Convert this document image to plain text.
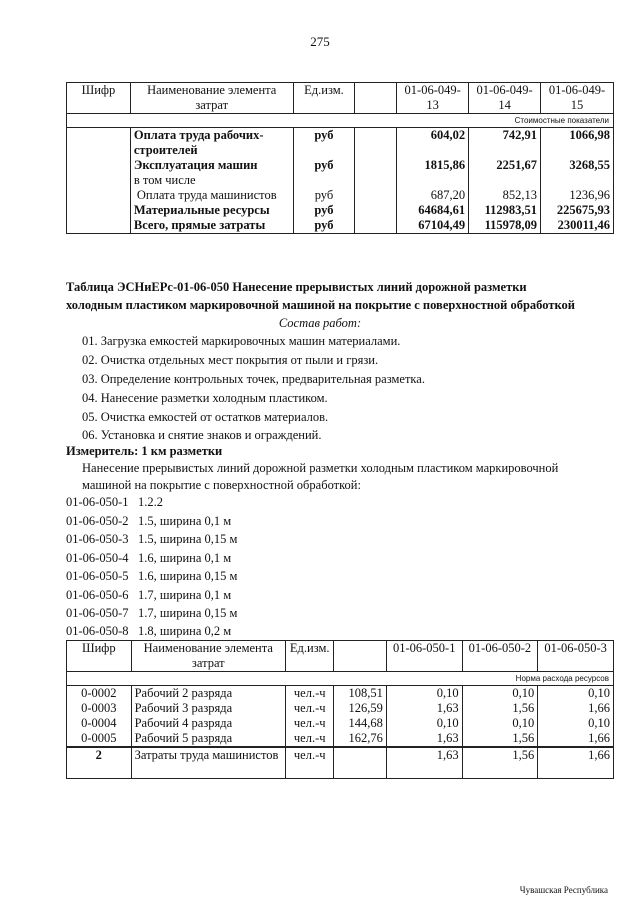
275
Шифр	Наименование элемента затрат	Ед.изм.		01-06-049-13	01-06-049-14	01-06-049-15
Стоимостные показатели						
	Оплата труда рабочих-строителей	руб		604,02	742,91	1066,98
	Эксплуатация машин	руб		1815,86	2251,67	3268,55
	в том числе					
	Оплата труда машинистов	руб		687,20	852,13	1236,96
	Материальные ресурсы	руб		64684,61	112983,51	225675,93
	Всего, прямые затраты	руб		67104,49	115978,09	230011,46
Таблица ЭСНиЕРс-01-06-050 Нанесение прерывистых линий дорожной разметки
холодным пластиком маркировочной машиной на покрытие с поверхностной обработкой
Состав работ:
01. Загрузка емкостей маркировочных машин материалами.
02. Очистка отдельных мест покрытия от пыли и грязи.
03. Определение контрольных точек, предварительная разметка.
04. Нанесение разметки холодным пластиком.
05. Очистка емкостей от остатков материалов.
06. Установка и снятие знаков и ограждений.
Измеритель: 1 км разметки
Нанесение прерывистых линий дорожной разметки холодным пластиком маркировочной машиной на покрытие с поверхностной обработкой:
01-06-050-1 1.2.2
01-06-050-2 1.5, ширина 0,1 м
01-06-050-3 1.5, ширина 0,15 м
01-06-050-4 1.6, ширина 0,1 м
01-06-050-5 1.6, ширина 0,15 м
01-06-050-6 1.7, ширина 0,1 м
01-06-050-7 1.7, ширина 0,15 м
01-06-050-8 1.8, ширина 0,2 м
Шифр	Наименование элемента затрат	Ед.изм.		01-06-050-1	01-06-050-2	01-06-050-3
Норма расхода ресурсов						
0-0002	Рабочий 2 разряда	чел.-ч	108,51	0,10	0,10	0,10
0-0003	Рабочий 3 разряда	чел.-ч	126,59	1,63	1,56	1,66
0-0004	Рабочий 4 разряда	чел.-ч	144,68	0,10	0,10	0,10
0-0005	Рабочий 5 разряда	чел.-ч	162,76	1,63	1,56	1,66
2	Затраты труда машинистов	чел.-ч		1,63	1,56	1,66
Чувашская Республика
